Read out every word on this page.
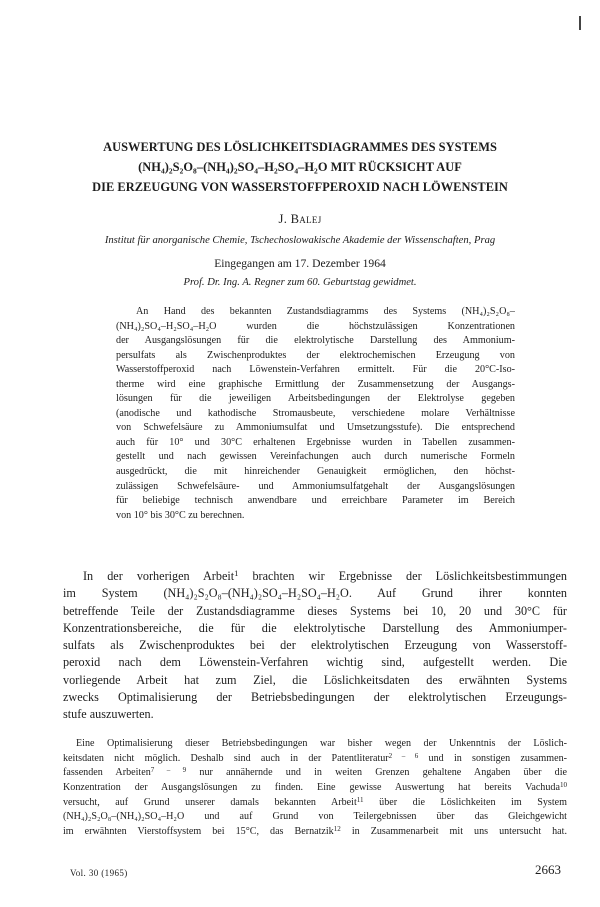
AUSWERTUNG DES LÖSLICHKEITSDIAGRAMMES DES SYSTEMS
(NH₄)₂S₂O₈–(NH₄)₂SO₄–H₂SO₄–H₂O MIT RÜCKSICHT AUF
DIE ERZEUGUNG VON WASSERSTOFFPEROXID NACH LÖWENSTEIN
J. Balej
Institut für anorganische Chemie, Tschechoslowakische Akademie der Wissenschaften, Prag
Eingegangen am 17. Dezember 1964
Prof. Dr. Ing. A. Regner zum 60. Geburtstag gewidmet.
An Hand des bekannten Zustandsdiagramms des Systems (NH₄)₂S₂O₈–
(NH₄)₂SO₄–H₂SO₄–H₂O	wurden die höchstzulässigen Konzentrationen
der Ausgangslösungen für die elektrolytische Darstellung des Ammonium-
persulfats als Zwischenproduktes der elektrochemischen Erzeugung von
Wasserstoffperoxid nach Löwenstein-Verfahren ermittelt. Für die 20°C-Iso-
therme wird eine graphische Ermittlung der Zusammensetzung der Ausgangs-
lösungen für die jeweiligen Arbeitsbedingungen der Elektrolyse gegeben
(anodische und kathodische Stromausbeute, verschiedene molare Verhältnisse
von Schwefelsäure zu Ammoniumsulfat und Umsetzungsstufe). Die entsprechend
auch für 10° und 30°C erhaltenen Ergebnisse wurden in Tabellen zusammen-
gestellt und nach gewissen Vereinfachungen auch durch numerische Formeln
ausgedrückt, die mit hinreichender Genauigkeit ermöglichen, den höchst-
zulässigen Schwefelsäure- und Ammoniumsulfatgehalt der Ausgangslösungen
für beliebige technisch anwendbare und erreichbare Parameter im Bereich
von 10° bis 30°C zu berechnen.
In der vorherigen Arbeit$^1$ brachten wir Ergebnisse der Löslichkeitsbestimmungen
im System (NH₄)₂S₂O₈–(NH₄)₂SO₄–H₂SO₄–H₂O. Auf Grund ihrer konnten
betreffende Teile der Zustandsdiagramme dieses Systems bei 10, 20 und 30°C für
Konzentrationsbereiche, die für die elektrolytische Darstellung des Ammoniumper-
sulfats als Zwischenproduktes bei der elektrolytischen Erzeugung von Wasserstoff-
peroxid nach dem Löwenstein-Verfahren wichtig sind, aufgestellt werden. Die
vorliegende Arbeit hat zum Ziel, die Löslichkeitsdaten des erwähnten Systems
zwecks Optimalisierung der Betriebsbedingungen der elektrolytischen Erzeugungs-
stufe auszuwerten.
Eine Optimalisierung dieser Betriebsbedingungen war bisher wegen der Unkenntnis der Löslich-
keitsdaten nicht möglich. Deshalb sind auch in der Patentliteratur$^{2 - 6}$ und in sonstigen zusammen-
fassenden Arbeiten$^{7 - 9}$ nur annähernde und in weiten Grenzen gehaltene Angaben über die
Konzentration der Ausgangslösungen zu finden. Eine gewisse Auswertung hat bereits Vachuda$^{10}$
versucht, auf Grund unserer damals bekannten Arbeit$^{11}$ über die Löslichkeiten im System
(NH₄)₂S₂O₈–(NH₄)₂SO₄–H₂O und auf Grund von Teilergebnissen über das Gleichgewicht
im erwähnten Vierstoffsystem bei 15°C, das Bernatzik$^{12}$ in Zusammenarbeit mit uns untersucht hat.
Vol. 30 (1965)	2663
